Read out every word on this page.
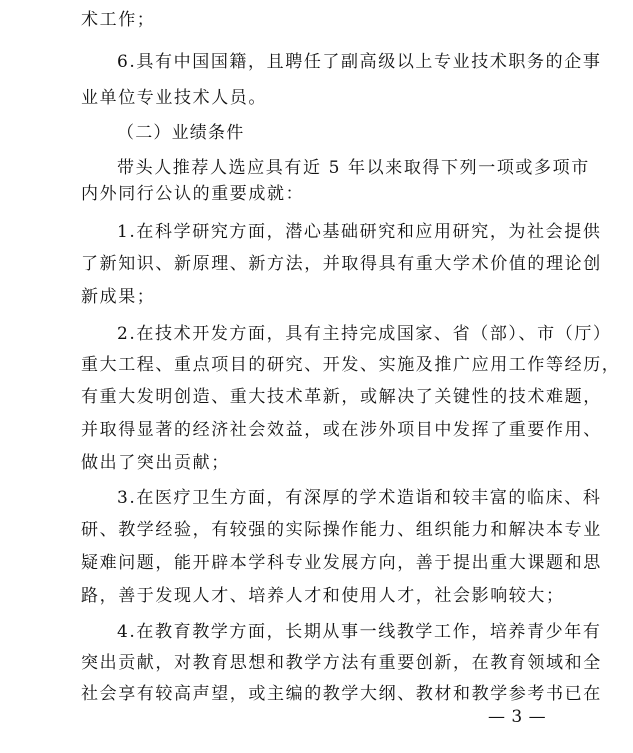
术工作；
6.具有中国国籍，且聘任了副高级以上专业技术职务的企事
业单位专业技术人员。
（二）业绩条件
带头人推荐人选应具有近 5 年以来取得下列一项或多项市
内外同行公认的重要成就：
1.在科学研究方面，潜心基础研究和应用研究，为社会提供
了新知识、新原理、新方法，并取得具有重大学术价值的理论创
新成果；
2.在技术开发方面，具有主持完成国家、省（部）、市（厅）
重大工程、重点项目的研究、开发、实施及推广应用工作等经历，
有重大发明创造、重大技术革新，或解决了关键性的技术难题，
并取得显著的经济社会效益，或在涉外项目中发挥了重要作用、
做出了突出贡献；
3.在医疗卫生方面，有深厚的学术造诣和较丰富的临床、科
研、教学经验，有较强的实际操作能力、组织能力和解决本专业
疑难问题，能开辟本学科专业发展方向，善于提出重大课题和思
路，善于发现人才、培养人才和使用人才，社会影响较大；
4.在教育教学方面，长期从事一线教学工作，培养青少年有
突出贡献，对教育思想和教学方法有重要创新，在教育领域和全
社会享有较高声望，或主编的教学大纲、教材和教学参考书已在
— 3 —
